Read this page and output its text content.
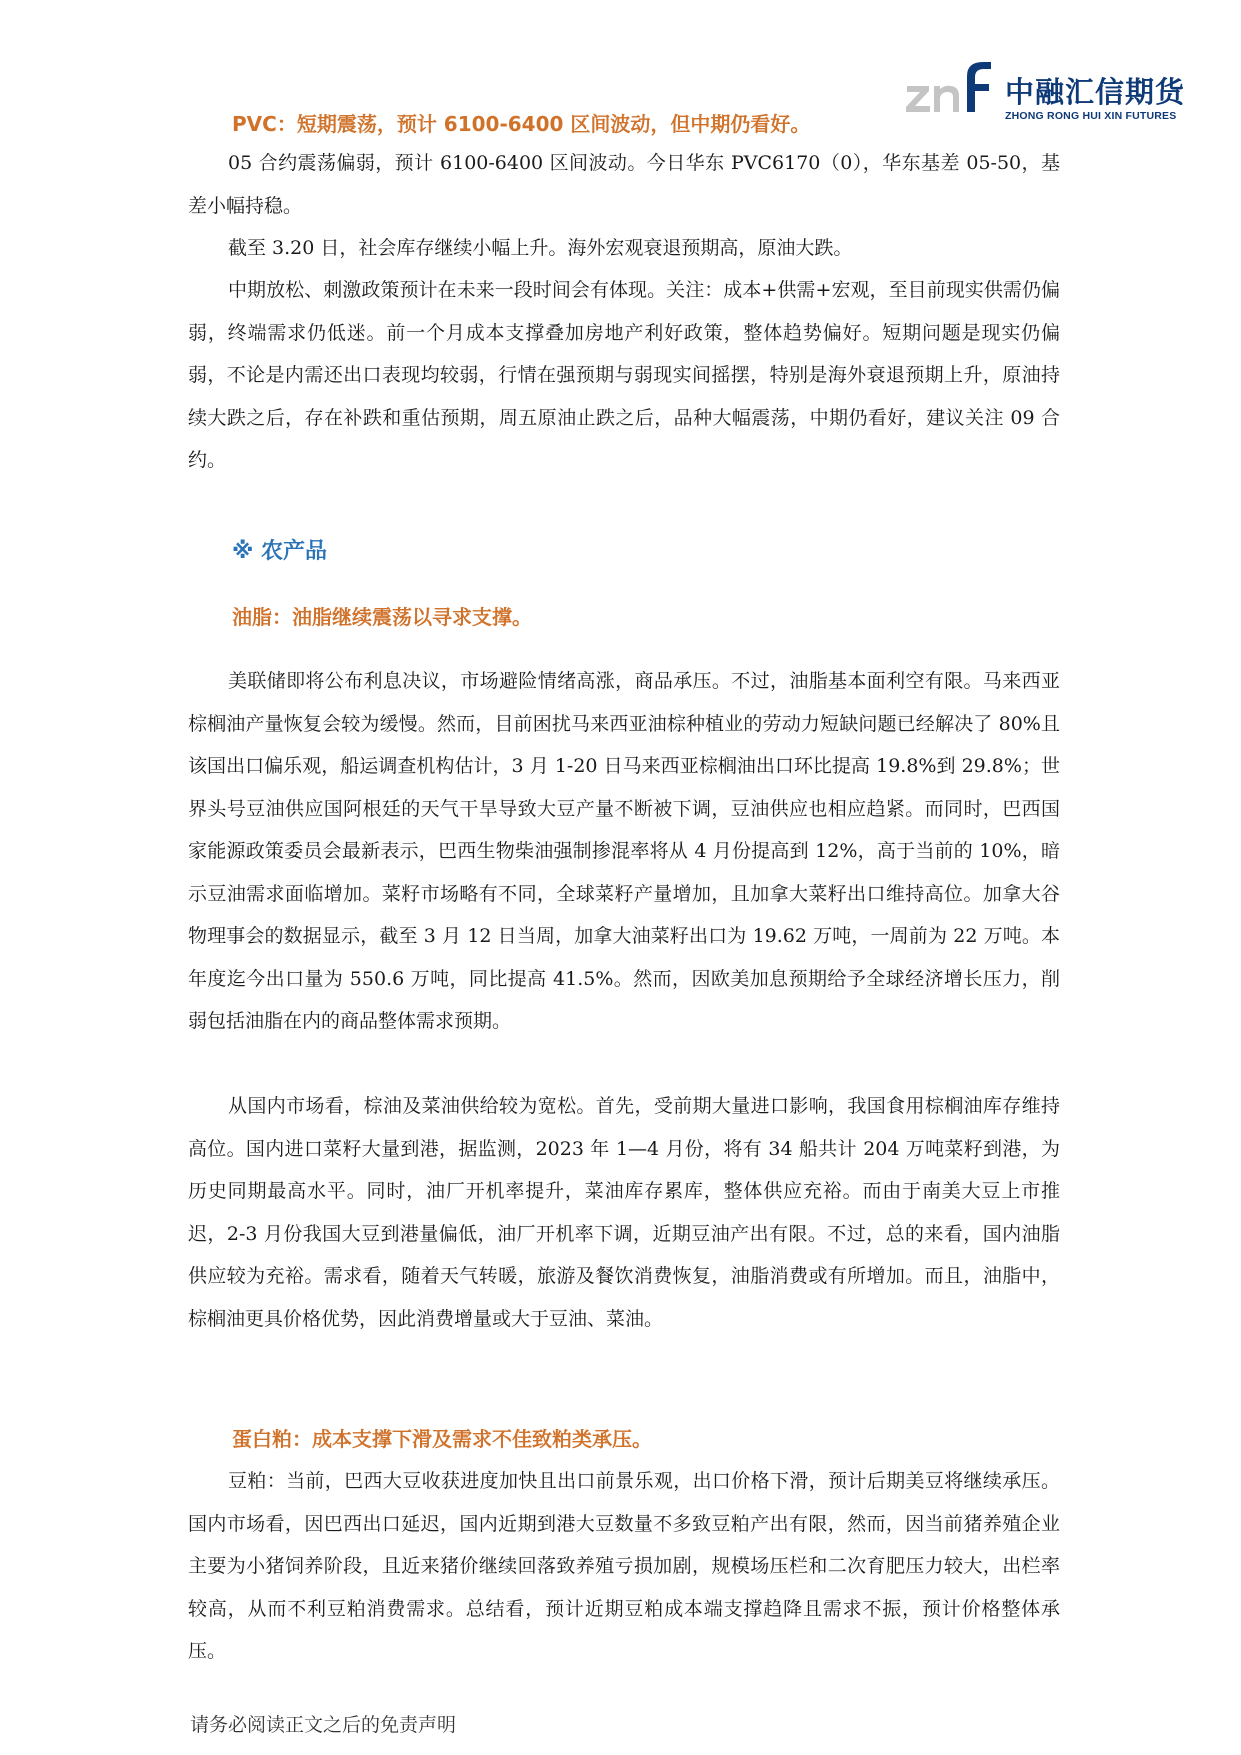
中融汇信期货
ZHONG RONG HUI XIN FUTURES
PVC：短期震荡，预计 6100-6400 区间波动，但中期仍看好。

05 合约震荡偏弱，预计 6100-6400 区间波动。今日华东 PVC6170（0），华东基差 05-50，基差小幅持稳。

截至 3.20 日，社会库存继续小幅上升。海外宏观衰退预期高，原油大跌。

中期放松、刺激政策预计在未来一段时间会有体现。关注：成本+供需+宏观，至目前现实供需仍偏弱，终端需求仍低迷。前一个月成本支撑叠加房地产利好政策，整体趋势偏好。短期问题是现实仍偏弱，不论是内需还出口表现均较弱，行情在强预期与弱现实间摇摆，特别是海外衰退预期上升，原油持续大跌之后，存在补跌和重估预期，周五原油止跌之后，品种大幅震荡，中期仍看好，建议关注 09 合约。

※ 农产品
油脂：油脂继续震荡以寻求支撑。

美联储即将公布利息决议，市场避险情绪高涨，商品承压。不过，油脂基本面利空有限。马来西亚棕榈油产量恢复会较为缓慢。然而，目前困扰马来西亚油棕种植业的劳动力短缺问题已经解决了 80%且该国出口偏乐观，船运调查机构估计，3 月 1-20 日马来西亚棕榈油出口环比提高 19.8%到 29.8%；世界头号豆油供应国阿根廷的天气干旱导致大豆产量不断被下调，豆油供应也相应趋紧。而同时，巴西国家能源政策委员会最新表示，巴西生物柴油强制掺混率将从 4 月份提高到 12%，高于当前的 10%，暗示豆油需求面临增加。菜籽市场略有不同，全球菜籽产量增加，且加拿大菜籽出口维持高位。加拿大谷物理事会的数据显示，截至 3 月 12 日当周，加拿大油菜籽出口为 19.62 万吨，一周前为 22 万吨。本年度迄今出口量为 550.6 万吨，同比提高 41.5%。然而，因欧美加息预期给予全球经济增长压力，削弱包括油脂在内的商品整体需求预期。

从国内市场看，棕油及菜油供给较为宽松。首先，受前期大量进口影响，我国食用棕榈油库存维持高位。国内进口菜籽大量到港，据监测，2023 年 1—4 月份，将有 34 船共计 204 万吨菜籽到港，为历史同期最高水平。同时，油厂开机率提升，菜油库存累库，整体供应充裕。而由于南美大豆上市推迟，2-3 月份我国大豆到港量偏低，油厂开机率下调，近期豆油产出有限。不过，总的来看，国内油脂供应较为充裕。需求看，随着天气转暖，旅游及餐饮消费恢复，油脂消费或有所增加。而且，油脂中，棕榈油更具价格优势，因此消费增量或大于豆油、菜油。

蛋白粕：成本支撑下滑及需求不佳致粕类承压。

豆粕：当前，巴西大豆收获进度加快且出口前景乐观，出口价格下滑，预计后期美豆将继续承压。国内市场看，因巴西出口延迟，国内近期到港大豆数量不多致豆粕产出有限，然而，因当前猪养殖企业主要为小猪饲养阶段，且近来猪价继续回落致养殖亏损加剧，规模场压栏和二次育肥压力较大，出栏率较高，从而不利豆粕消费需求。总结看，预计近期豆粕成本端支撑趋降且需求不振，预计价格整体承压。

请务必阅读正文之后的免责声明
